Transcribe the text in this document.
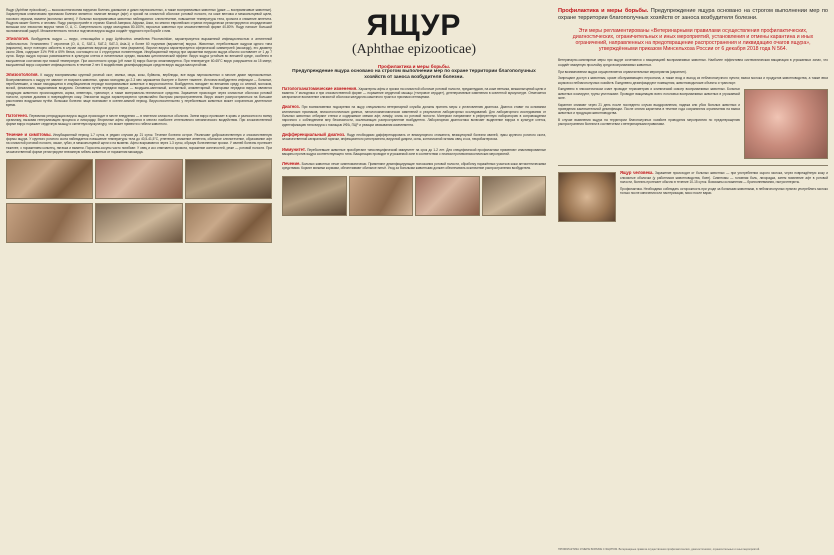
Ящур (Aphthae epizooticae) — высококонтагиозная вирусная болезнь домашних и диких парнокопытных, а также восприимчивых животных (даже — восприимчивые животные). Характерным клиническим признаком болезни является: наличие везикул (афт) и эрозий на слизистой оболочке ротовой полости, на коже венчика и межкопытцевой щели, носового зеркала, вымени (молочных желез). У больных восприимчивых животных наблюдаются: слюнотечение, повышение температуры тела, хромота и снижение аппетита. Ящуром может болеть и человек. Ящур распространён в странах Южной Америки, Африки, Азии, во многих европейских странах периодически регистрируются спорадические вспышки или эпизоотии вируса типов O, A, C. Смертельность среди молодняка 80-100%, взрослых животных при злокачественной форме 40-80%. Ящур наносит большой экономический ущерб. Множественность типов и подтипов вируса ящура создаёт трудности при борьбе с ним.
Этиология. Возбудитель ящура — вирус, относящийся к роду Aphthovirus семейства Picornaviridae, характеризуется выраженной инфекционностью и антигенной лабильностью. Установлено 7 серотипов (O, A, C, SAT-1, SAT-2, SAT-3, Asia-1) и более 60 подтипов (вариантов) вируса. Животные, переболевшие ящуром одного типа (варианта), могут повторно заболеть в случае заражения вирусом другого типа (варианта). Вирион вируса характеризуется сферической симметрией (икосаэдр), его диаметр около 25нм, содержит 31% РНК и 69% белка, состоящего из 4 структурных полипептидов. Инкубационный период при заражении вирусом ящура обычно составляет от 1 до 7 суток. Вирус ящура хорошо размножается в культурах клеток и питательных средах, вызывая цитопатический эффект. Вирус ящура устойчив во внешней среде, особенно в высушенном состоянии при низкой температуре. При кислотности среды (pH ниже 6) вирус быстро инактивируется. При температуре 60-65°С вирус разрушается за 15 минут, высушенный вирус сохраняет инфекционность в течение 2 лет. К воздействию дезинфицирующих средств вирус ящура малоустойчив.
Эпизоотология. К ящуру восприимчивы крупный рогатый скот, свиньи, овцы, козы, буйволы, верблюды, все виды парнокопытных и многие дикие парнокопытные. Восприимчивость к ящуру не зависит от возраста животных, однако молодняк до 2-3 мес заражается быстрее и болеет тяжелее. Источник возбудителя инфекции — больные, переболевшие, а также находящиеся в инкубационном периоде восприимчивые животные и вирусоносители. Возбудитель попадает во внешнюю среду со слюной, молоком, мочой, фекалиями, выдыхаемым воздухом. Основным путём передачи вируса — воздушно-капельный, контактный, алиментарный. Факторами передачи вируса являются продукция животного происхождения, корма, инвентарь, транспорт, а также материально-техническое средства. Заражение происходит через слизистые оболочки ротовой полости, органов дыхания и повреждённую кожу. Эпизоотии ящура характеризуются чрезвычайно быстрым распространением. Вирус может распространяться на большие расстояния воздушным путём. Вспышки болезни чаще возникают в осенне-зимний период. Вирусоносительство у переболевших животных может сохраняться длительное время.
Патогенез. Первичная репродукция вируса ящура происходит в месте внедрения — в эпителии слизистых оболочек. Затем вирус проникает в кровь и разносится по всему организму, вызывая генерализацию процесса и лихорадку. Вторичные афты образуются в местах наиболее интенсивного механического воздействия. При злокачественной форме вирус поражает сердечную мышцу и скелетную мускулатуру, что может привести к гибели животного.
Течение и симптомы. Инкубационный период 1-7 суток, в редких случаях до 21 суток. Течение болезни острое. Различают доброкачественную и злокачественную формы ящура. У крупного рогатого скота наблюдается повышение температуры тела до 40,5-41,5°С, угнетение, снижение аппетита, обильное слюнотечение, образование афт на слизистой ротовой полости, языке, губах, в межкопытцевой щели и на вымени. Афты вскрываются через 1-3 суток, образуя болезненные эрозии. У свиней болезнь протекает тяжелее, с поражением копытец, пятачка и вымени. Поросята-сосуны часто погибают. У овец и коз отмечается хромота, поражение конечностей, реже — ротовой полости. При злокачественной форме регистрируют внезапную гибель животных от поражения миокарда.
ЯЩУР
(Aphthae epizooticae)
Профилактика и меры борьбы.
Предупреждение ящура основано на строгом выполнении мер по охране территории благополучных хозяйств от заноса возбудителя болезни.
Патологоанатомические изменения. Характерны афты и эрозии на слизистой оболочке ротовой полости, преджелудков, на коже венчика, межкопытцевой щели и вымени. У молодняка и при злокачественной форме — поражение сердечной мышцы («тигровое сердце»), дегенеративные изменения в скелетной мускулатуре. Отмечается катаральное воспаление слизистой оболочки желудочно-кишечного тракта и признаки септицемии.
Диагноз. При возникновении подозрения на ящур специалисты ветеринарной службы должны принять меры к установлению диагноза. Диагноз ставят на основании клинических признаков, эпизоотологических данных, патологоанатомических изменений и результатов лабораторных исследований. Для лабораторного исследования от больных животных отбирают стенки и содержимое свежих афт, лимфу, слизь из ротовой полости. Материал направляют в референтную лабораторию в сопровождении нарочного с соблюдением мер безопасности, исключающих распространение возбудителя. Лабораторная диагностика включает выделение вируса в культуре клеток, идентификацию типа вируса с помощью ИФА, ПЦР и реакции связывания комплемента.
Дифференциальный диагноз. Ящур необходимо дифференцировать от везикулярного стоматита, везикулярной болезни свиней, чумы крупного рогатого скота, злокачественной катаральной горячки, инфекционного ринотрахеита, вирусной диареи, оспы, контагиозной эктимы овец и коз, некробактериоза.
Иммунитет. Переболевшие животные приобретают типоспецифический иммунитет на срок до 1-2 лет. Для специфической профилактики применяют инактивированные вакцины против ящура соответствующего типа. Вакцинацию проводят в угрожаемой зоне в соответствии с планом противоэпизоотических мероприятий.
Лечение. Больных животных лечат симптоматически. Применяют дезинфицирующие полоскания ротовой полости, обработку поражённых участков кожи антисептическими средствами. Кормят мягкими кормами, обеспечивают обильное питьё. Уход за больными животными должен обеспечивать исключение распространения возбудителя.
Профилактика и меры борьбы. Предупреждение ящура основано на строгом выполнении мер по охране территории благополучных хозяйств от заноса возбудителя болезни.
Эти меры регламентированы «Ветеринарными правилами осуществления профилактических, диагностических, ограничительных и иных мероприятий, установления и отмены карантина и иных ограничений, направленных на предотвращение распространения и ликвидацию очагов ящура», утверждёнными приказом Минсельхоза России от 6 декабря 2018 года N 564.
Ветеринарно-санитарные меры при ящуре сочетаются с вакцинацией восприимчивых животных. Наиболее эффективна систематическая вакцинация в угрожаемых зонах, что создаёт иммунную прослойку среди восприимчивых животных.
При возникновении ящура осуществляется ограничительные мероприятия (карантин).
Запрещают доступ к животным, кроме обслуживающего персонала, а также вход и выход из неблагополучного пункта; вывоз молока и продуктов животноводства, а также ввоз кормов из неблагополучных хозяйств. Ежедневно дезинфицируют помещения, животноводческие объекты и транспорт.
Ежедневно в эпизоотическом очаге проводят термометрию и клинический осмотр восприимчивых животных. Больных животных изолируют, трупы уничтожают. Проводят вакцинацию всего поголовья восприимчивых животных в угрожаемой зоне.
Карантин снимают через 21 день после последнего случая выздоровления, падежа или убоя больных животных и проведения заключительной дезинфекции. После снятия карантина в течение года сохраняются ограничения на вывоз животных и продукции животноводства.
В случае выявления ящура на территории благополучных хозяйств проводятся мероприятия по предотвращению распространения болезни в соответствии с ветеринарными правилами.
Ящур человека. Заражение происходит от больных животных — при употреблении сырого молока, через повреждённую кожу и слизистые оболочки (у работников животноводства, боен). Симптомы — головная боль, лихорадка, затем появление афт в ротовой полости, болезнь протекает обычно в течение 10-15 суток. Возможны осложнения — бронхопневмония, гастроэнтериты.
Профилактика. Необходимо соблюдать осторожность при уходе за больными животными, в неблагополучных пунктах употреблять молоко только после кипячения или пастеризации, мясо после варки.
ПРОФИЛАКТИКА И МЕРЫ БОРЬБЫ С ЯЩУРОМ. Ветеринарные правила осуществления профилактических, диагностических, ограничительных и иных мероприятий.
